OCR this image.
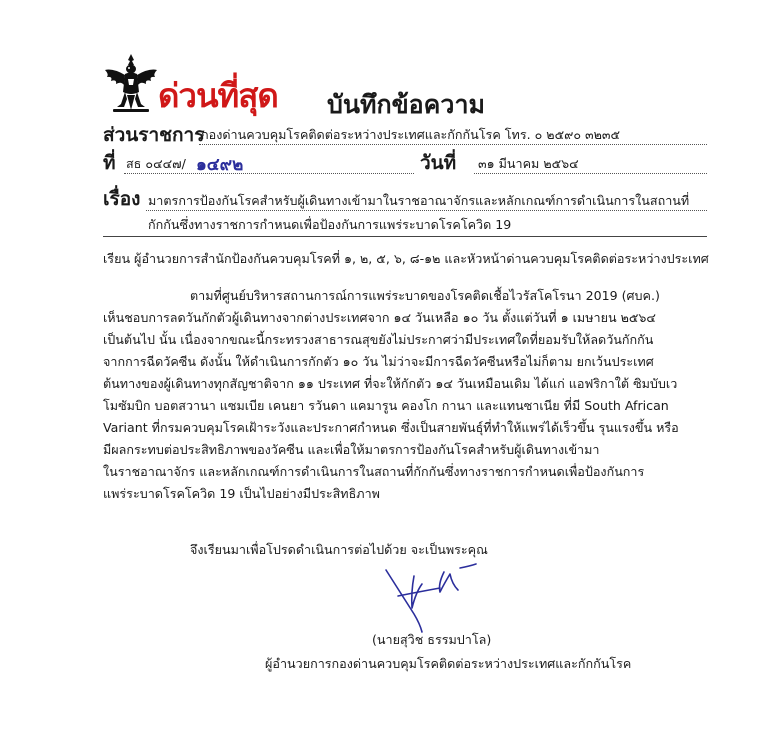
ด่วนที่สุด บันทึกข้อความ
ส่วนราชการ
กองด่านควบคุมโรคติดต่อระหว่างประเทศและกักกันโรค โทร. ๐ ๒๕๙๐ ๓๒๓๕
ที่ สธ ๐๔๔๗/ ๑๔๙๒	วันที่ ๓๑ มีนาคม ๒๕๖๔
เรื่อง มาตรการป้องกันโรคสำหรับผู้เดินทางเข้ามาในราชอาณาจักรและหลักเกณฑ์การดำเนินการในสถานที่
กักกันซึ่งทางราชการกำหนดเพื่อป้องกันการแพร่ระบาดโรคโควิด 19
เรียน ผู้อำนวยการสำนักป้องกันควบคุมโรคที่ ๑, ๒, ๕, ๖, ๘-๑๒ และหัวหน้าด่านควบคุมโรคติดต่อระหว่างประเทศ
ตามที่ศูนย์บริหารสถานการณ์การแพร่ระบาดของโรคติดเชื้อไวรัสโคโรนา 2019 (ศบค.)
เห็นชอบการลดวันกักตัวผู้เดินทางจากต่างประเทศจาก ๑๔ วันเหลือ ๑๐ วัน ตั้งแต่วันที่ ๑ เมษายน ๒๕๖๔
เป็นต้นไป นั้น เนื่องจากขณะนี้กระทรวงสาธารณสุขยังไม่ประกาศว่ามีประเทศใดที่ยอมรับให้ลดวันกักกัน
จากการฉีดวัคซีน ดังนั้น ให้ดำเนินการกักตัว ๑๐ วัน ไม่ว่าจะมีการฉีดวัคซีนหรือไม่ก็ตาม ยกเว้นประเทศ
ต้นทางของผู้เดินทางทุกสัญชาติจาก ๑๑ ประเทศ ที่จะให้กักตัว ๑๔ วันเหมือนเดิม ได้แก่ แอฟริกาใต้ ซิมบับเว
โมซัมบิก บอตสวานา แซมเบีย เคนยา รวันดา แคมารูน คองโก กานา และแทนซาเนีย ที่มี South African
Variant ที่กรมควบคุมโรคเฝ้าระวังและประกาศกำหนด ซึ่งเป็นสายพันธุ์ที่ทำให้แพร่ได้เร็วขึ้น รุนแรงขึ้น หรือ
มีผลกระทบต่อประสิทธิภาพของวัคซีน และเพื่อให้มาตรการป้องกันโรคสำหรับผู้เดินทางเข้ามา
ในราชอาณาจักร และหลักเกณฑ์การดำเนินการในสถานที่กักกันซึ่งทางราชการกำหนดเพื่อป้องกันการ
แพร่ระบาดโรคโควิด 19 เป็นไปอย่างมีประสิทธิภาพ
จึงเรียนมาเพื่อโปรดดำเนินการต่อไปด้วย จะเป็นพระคุณ
(นายสุวิช ธรรมปาโล)
ผู้อำนวยการกองด่านควบคุมโรคติดต่อระหว่างประเทศและกักกันโรค
